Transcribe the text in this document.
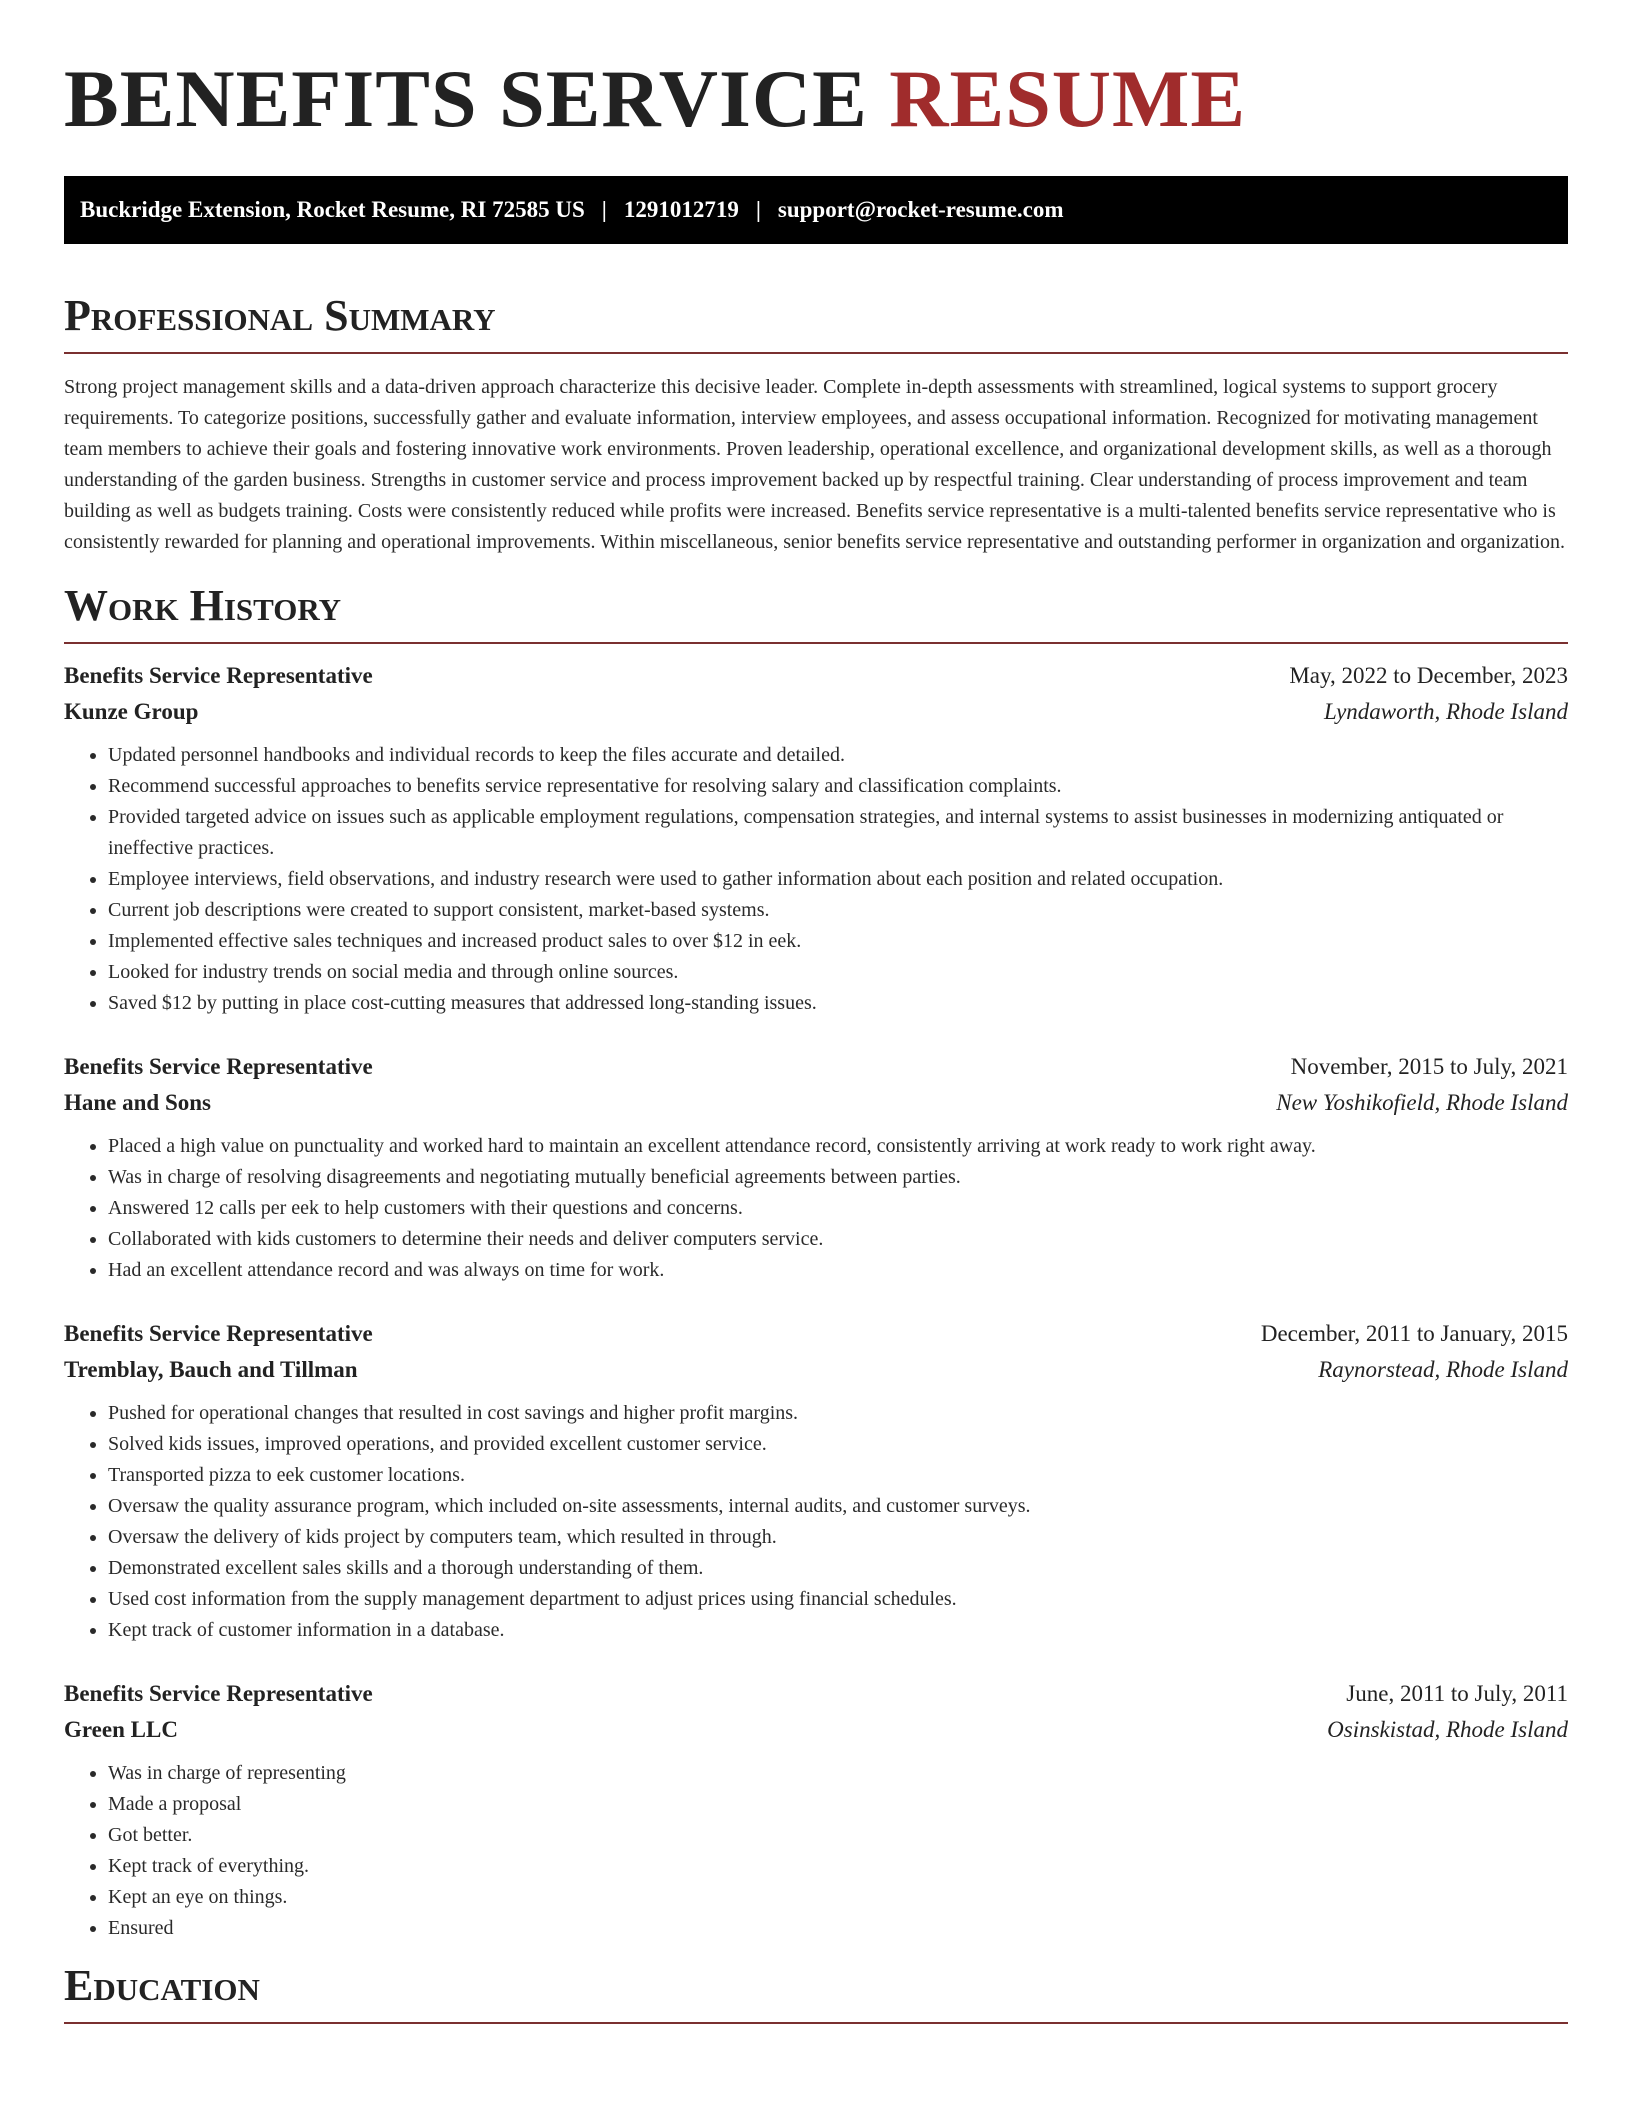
BENEFITS SERVICE RESUME
Buckridge Extension, Rocket Resume, RI 72585 US | 1291012719 | support@rocket-resume.com
Professional Summary

Strong project management skills and a data-driven approach characterize this decisive leader. Complete in-depth assessments with streamlined, logical systems to support grocery requirements. To categorize positions, successfully gather and evaluate information, interview employees, and assess occupational information. Recognized for motivating management team members to achieve their goals and fostering innovative work environments. Proven leadership, operational excellence, and organizational development skills, as well as a thorough understanding of the garden business. Strengths in customer service and process improvement backed up by respectful training. Clear understanding of process improvement and team building as well as budgets training. Costs were consistently reduced while profits were increased. Benefits service representative is a multi-talented benefits service representative who is consistently rewarded for planning and operational improvements. Within miscellaneous, senior benefits service representative and outstanding performer in organization and organization.

Work History
Benefits Service Representative	May, 2022 to December, 2023
Kunze Group	Lyndaworth, Rhode Island
• Updated personnel handbooks and individual records to keep the files accurate and detailed.
• Recommend successful approaches to benefits service representative for resolving salary and classification complaints.
• Provided targeted advice on issues such as applicable employment regulations, compensation strategies, and internal systems to assist businesses in modernizing antiquated or ineffective practices.
• Employee interviews, field observations, and industry research were used to gather information about each position and related occupation.
• Current job descriptions were created to support consistent, market-based systems.
• Implemented effective sales techniques and increased product sales to over $12 in eek.
• Looked for industry trends on social media and through online sources.
• Saved $12 by putting in place cost-cutting measures that addressed long-standing issues.
Benefits Service Representative	November, 2015 to July, 2021
Hane and Sons	New Yoshikofield, Rhode Island
• Placed a high value on punctuality and worked hard to maintain an excellent attendance record, consistently arriving at work ready to work right away.
• Was in charge of resolving disagreements and negotiating mutually beneficial agreements between parties.
• Answered 12 calls per eek to help customers with their questions and concerns.
• Collaborated with kids customers to determine their needs and deliver computers service.
• Had an excellent attendance record and was always on time for work.
Benefits Service Representative	December, 2011 to January, 2015
Tremblay, Bauch and Tillman	Raynorstead, Rhode Island
• Pushed for operational changes that resulted in cost savings and higher profit margins.
• Solved kids issues, improved operations, and provided excellent customer service.
• Transported pizza to eek customer locations.
• Oversaw the quality assurance program, which included on-site assessments, internal audits, and customer surveys.
• Oversaw the delivery of kids project by computers team, which resulted in through.
• Demonstrated excellent sales skills and a thorough understanding of them.
• Used cost information from the supply management department to adjust prices using financial schedules.
• Kept track of customer information in a database.
Benefits Service Representative	June, 2011 to July, 2011
Green LLC	Osinskistad, Rhode Island
• Was in charge of representing
• Made a proposal
• Got better.
• Kept track of everything.
• Kept an eye on things.
• Ensured
Education
